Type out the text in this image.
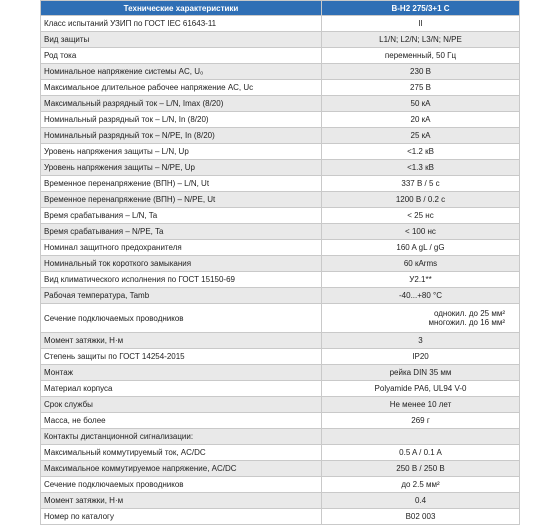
Технические характеристики	В-Н2 275/3+1 С
Класс испытаний УЗИП по ГОСТ IEC 61643-11	II
Вид защиты	L1/N; L2/N; L3/N; N/PE
Род тока	переменный, 50 Гц
Номинальное напряжение системы AC, U₀	230 В
Максимальное длительное рабочее напряжение AC, Uc	275 В
Максимальный разрядный ток – L/N, Imax (8/20)	50 кА
Номинальный разрядный ток – L/N, In (8/20)	20 кА
Номинальный разрядный ток – N/PE, In (8/20)	25 кА
Уровень напряжения защиты – L/N, Up	<1.2 кВ
Уровень напряжения защиты – N/PE, Up	<1.3 кВ
Временное перенапряжение (ВПН) – L/N, Ut	337 В / 5 с
Временное перенапряжение (ВПН) – N/PE, Ut	1200 В / 0.2 с
Время срабатывания – L/N, Ta	< 25 нс
Время срабатывания – N/PE, Ta	< 100 нс
Номинал защитного предохранителя	160 A gL / gG
Номинальный ток короткого замыкания	60 кАrms
Вид климатического исполнения по ГОСТ 15150-69	У2.1**
Рабочая температура, Tamb	-40...+80 °С
Сечение подключаемых проводников	однокил. до 25 мм²
многожил. до 16 мм²

Момент затяжки, Н·м	3
Степень защиты по ГОСТ 14254-2015	IP20
Монтаж	рейка DIN 35 мм
Материал корпуса	Polyamide PA6, UL94 V-0
Срок службы	Не менее 10 лет
Масса, не более	269 г
Контакты дистанционной сигнализации:	
Максимальный коммутируемый ток, AC/DC	0.5 A / 0.1 A
Максимальное коммутируемое напряжение, AC/DC	250 В / 250 В
Сечение подключаемых проводников	до 2.5 мм²
Момент затяжки, Н·м	0.4
Номер по каталогу	В02 003
